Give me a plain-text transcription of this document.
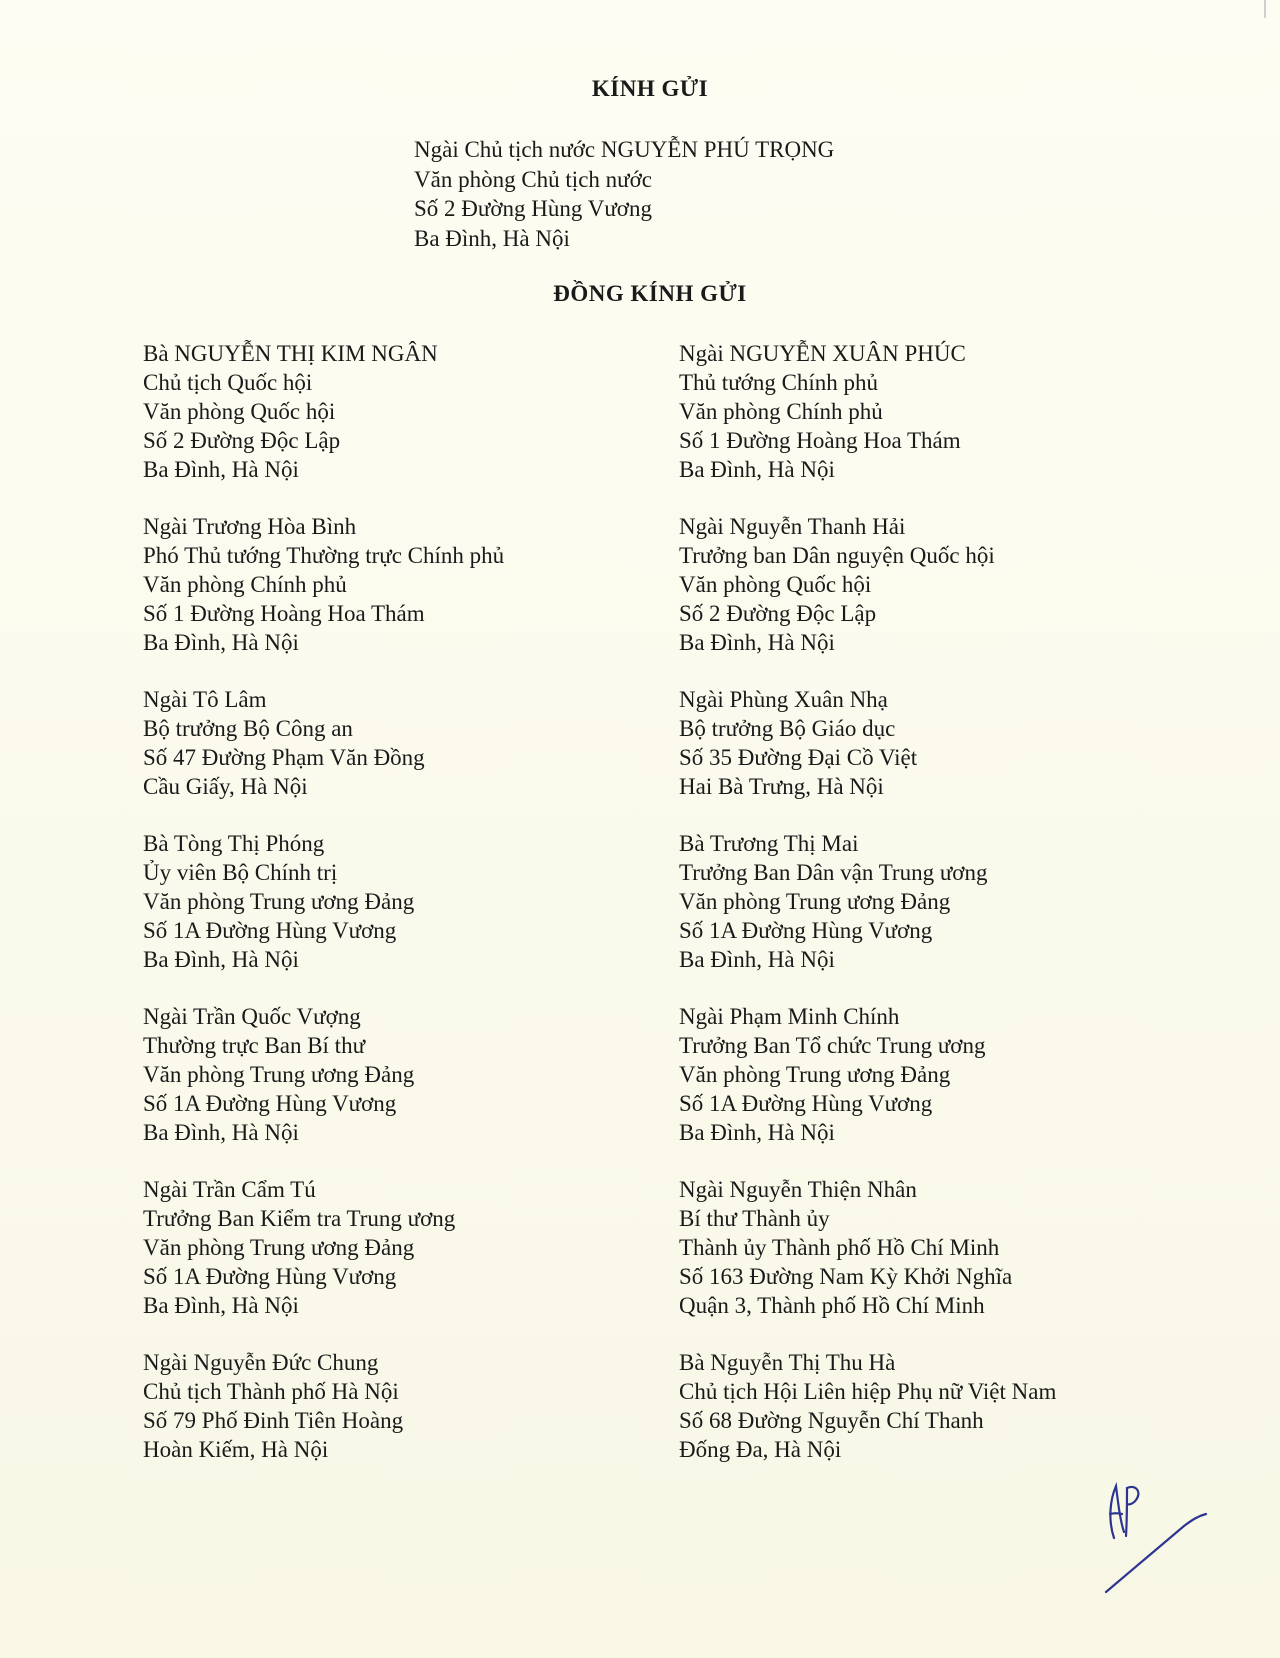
KÍNH GỬI
Ngài Chủ tịch nước NGUYỄN PHÚ TRỌNG
Văn phòng Chủ tịch nước
Số 2 Đường Hùng Vương
Ba Đình, Hà Nội
ĐỒNG KÍNH GỬI
Bà NGUYỄN THỊ KIM NGÂN
Chủ tịch Quốc hội
Văn phòng Quốc hội
Số 2 Đường Độc Lập
Ba Đình, Hà Nội
Ngài Trương Hòa Bình
Phó Thủ tướng Thường trực Chính phủ
Văn phòng Chính phủ
Số 1 Đường Hoàng Hoa Thám
Ba Đình, Hà Nội
Ngài Tô Lâm
Bộ trưởng Bộ Công an
Số 47 Đường Phạm Văn Đồng
Cầu Giấy, Hà Nội
Bà Tòng Thị Phóng
Ủy viên Bộ Chính trị
Văn phòng Trung ương Đảng
Số 1A Đường Hùng Vương
Ba Đình, Hà Nội
Ngài Trần Quốc Vượng
Thường trực Ban Bí thư
Văn phòng Trung ương Đảng
Số 1A Đường Hùng Vương
Ba Đình, Hà Nội
Ngài Trần Cẩm Tú
Trưởng Ban Kiểm tra Trung ương
Văn phòng Trung ương Đảng
Số 1A Đường Hùng Vương
Ba Đình, Hà Nội
Ngài Nguyễn Đức Chung
Chủ tịch Thành phố Hà Nội
Số 79 Phố Đinh Tiên Hoàng
Hoàn Kiếm, Hà Nội
Ngài NGUYỄN XUÂN PHÚC
Thủ tướng Chính phủ
Văn phòng Chính phủ
Số 1 Đường Hoàng Hoa Thám
Ba Đình, Hà Nội
Ngài Nguyễn Thanh Hải
Trưởng ban Dân nguyện Quốc hội
Văn phòng Quốc hội
Số 2 Đường Độc Lập
Ba Đình, Hà Nội
Ngài Phùng Xuân Nhạ
Bộ trưởng Bộ Giáo dục
Số 35 Đường Đại Cồ Việt
Hai Bà Trưng, Hà Nội
Bà Trương Thị Mai
Trưởng Ban Dân vận Trung ương
Văn phòng Trung ương Đảng
Số 1A Đường Hùng Vương
Ba Đình, Hà Nội
Ngài Phạm Minh Chính
Trưởng Ban Tổ chức Trung ương
Văn phòng Trung ương Đảng
Số 1A Đường Hùng Vương
Ba Đình, Hà Nội
Ngài Nguyễn Thiện Nhân
Bí thư Thành ủy
Thành ủy Thành phố Hồ Chí Minh
Số 163 Đường Nam Kỳ Khởi Nghĩa
Quận 3, Thành phố Hồ Chí Minh
Bà Nguyễn Thị Thu Hà
Chủ tịch Hội Liên hiệp Phụ nữ Việt Nam
Số 68 Đường Nguyễn Chí Thanh
Đống Đa, Hà Nội
